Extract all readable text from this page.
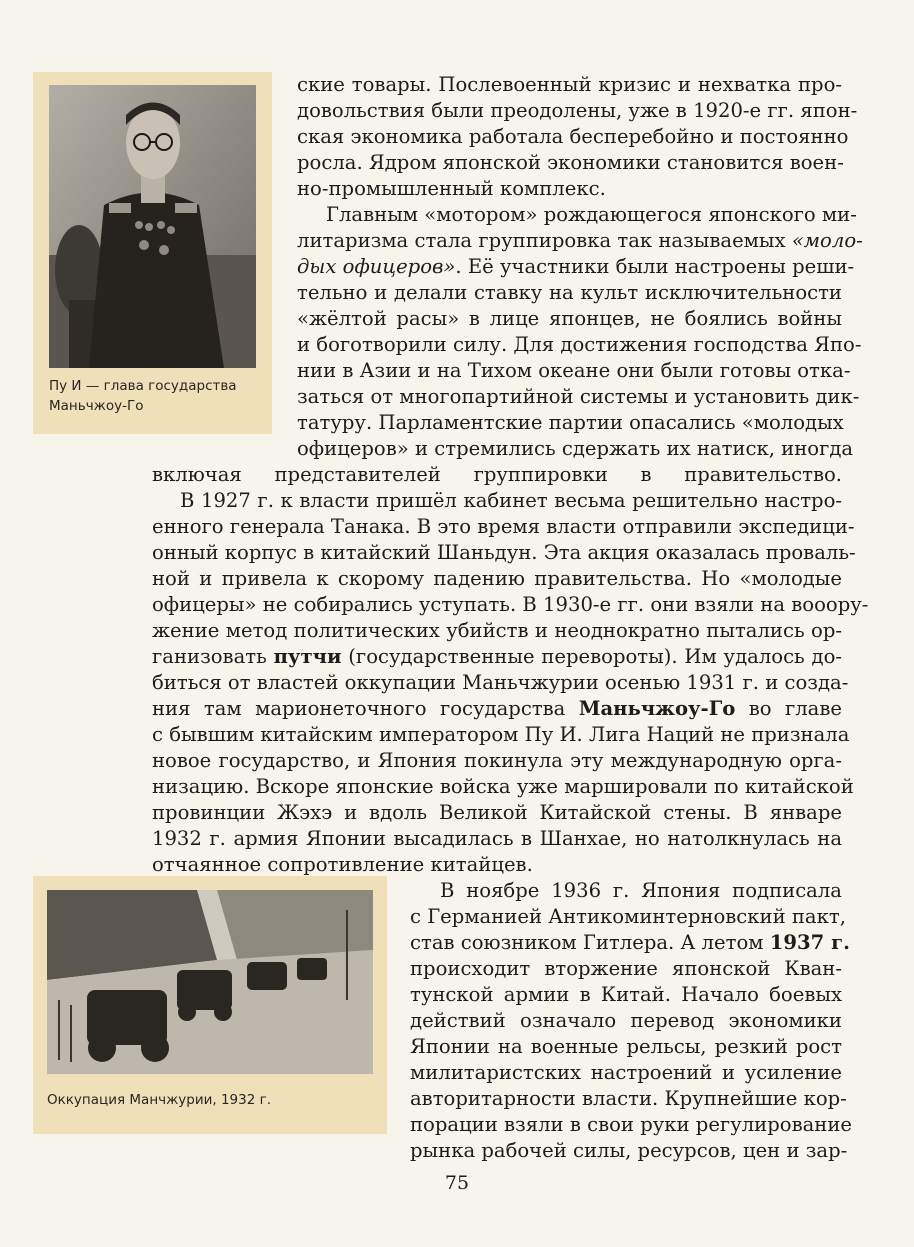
Пу И — глава государства Маньчжоу-Го
Оккупация Манчжурии, 1932 г.
ские товары. Послевоенный кризис и нехватка про-
довольствия были преодолены, уже в 1920-е гг. япон-
ская экономика работала бесперебойно и постоянно
росла. Ядром японской экономики становится воен-
но-промышленный комплекс.
Главным «мотором» рождающегося японского ми-
литаризма стала группировка так называемых «моло-
дых офицеров». Её участники были настроены реши-
тельно и делали ставку на культ исключительности
«жёлтой расы» в лице японцев, не боялись войны
и боготворили силу. Для достижения господства Япо-
нии в Азии и на Тихом океане они были готовы отка-
заться от многопартийной системы и установить дик-
татуру. Парламентские партии опасались «молодых
офицеров» и стремились сдержать их натиск, иногда
включая представителей группировки в правительство.
В 1927 г. к власти пришёл кабинет весьма решительно настро-
енного генерала Танака. В это время власти отправили экспедици-
онный корпус в китайский Шаньдун. Эта акция оказалась проваль-
ной и привела к скорому падению правительства. Но «молодые
офицеры» не собирались уступать. В 1930-е гг. они взяли на вооору-
жение метод политических убийств и неоднократно пытались ор-
ганизовать путчи (государственные перевороты). Им удалось до-
биться от властей оккупации Маньчжурии осенью 1931 г. и созда-
ния там марионеточного государства Маньчжоу-Го во главе
с бывшим китайским императором Пу И. Лига Наций не признала
новое государство, и Япония покинула эту международную орга-
низацию. Вскоре японские войска уже маршировали по китайской
провинции Жэхэ и вдоль Великой Китайской стены. В январе
1932 г. армия Японии высадилась в Шанхае, но натолкнулась на
отчаянное сопротивление китайцев.
В ноябре 1936 г. Япония подписала
с Германией Антикоминтерновский пакт,
став союзником Гитлера. А летом 1937 г.
происходит вторжение японской Кван-
тунской армии в Китай. Начало боевых
действий означало перевод экономики
Японии на военные рельсы, резкий рост
милитаристских настроений и усиление
авторитарности власти. Крупнейшие кор-
порации взяли в свои руки регулирование
рынка рабочей силы, ресурсов, цен и зар-
75
